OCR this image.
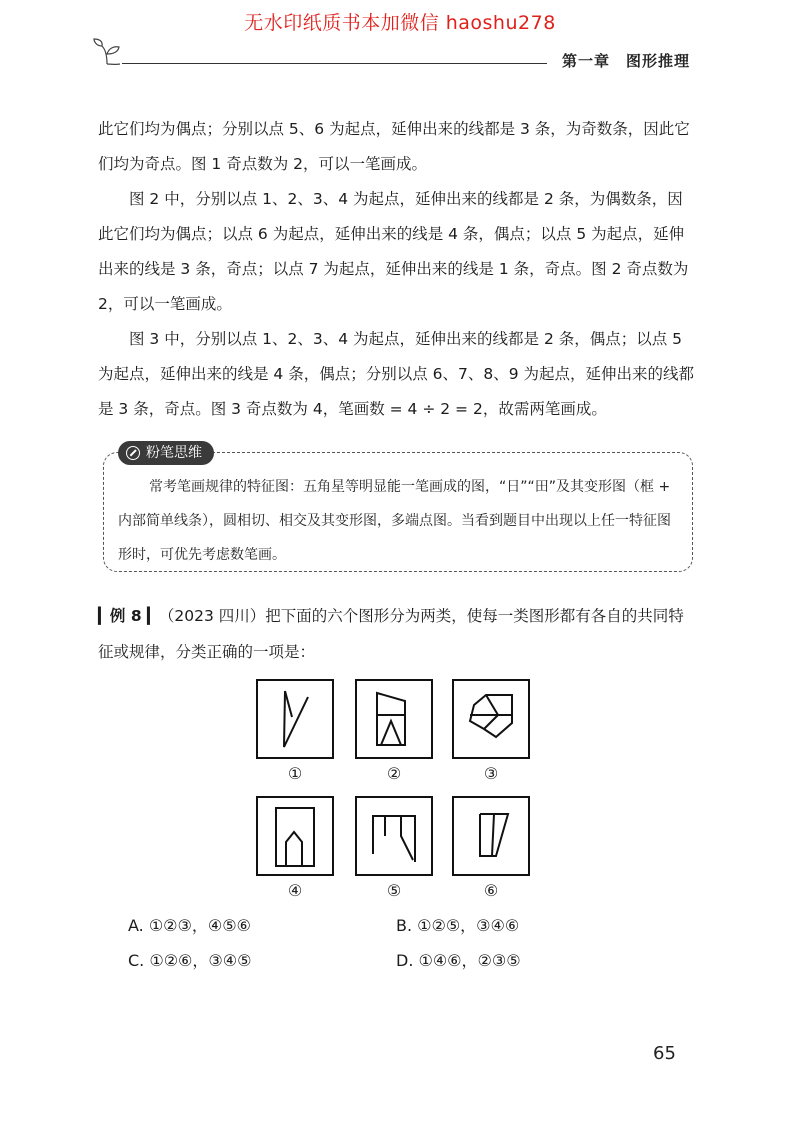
无水印纸质书本加微信 haoshu278
第一章 图形推理

此它们均为偶点；分别以点 5、6 为起点，延伸出来的线都是 3 条，为奇数条，因此它们均为奇点。图 1 奇点数为 2，可以一笔画成。

图 2 中，分别以点 1、2、3、4 为起点，延伸出来的线都是 2 条，为偶数条，因此它们均为偶点；以点 6 为起点，延伸出来的线是 4 条，偶点；以点 5 为起点，延伸出来的线是 3 条，奇点；以点 7 为起点，延伸出来的线是 1 条，奇点。图 2 奇点数为 2，可以一笔画成。

图 3 中，分别以点 1、2、3、4 为起点，延伸出来的线都是 2 条，偶点；以点 5 为起点，延伸出来的线是 4 条，偶点；分别以点 6、7、8、9 为起点，延伸出来的线都是 3 条，奇点。图 3 奇点数为 4，笔画数 = 4 ÷ 2 = 2，故需两笔画成。

粉笔思维

常考笔画规律的特征图：五角星等明显能一笔画成的图，“日”“田”及其变形图（框 + 内部简单线条），圆相切、相交及其变形图，多端点图。当看到题目中出现以上任一特征图形时，可优先考虑数笔画。

▎例 8 ▎（2023 四川）把下面的六个图形分为两类，使每一类图形都有各自的共同特征或规律，分类正确的一项是：

①	②	③
④	⑤	⑥
A. ①②③，④⑤⑥	B. ①②⑤，③④⑥
C. ①②⑥，③④⑤	D. ①④⑥，②③⑤
65
